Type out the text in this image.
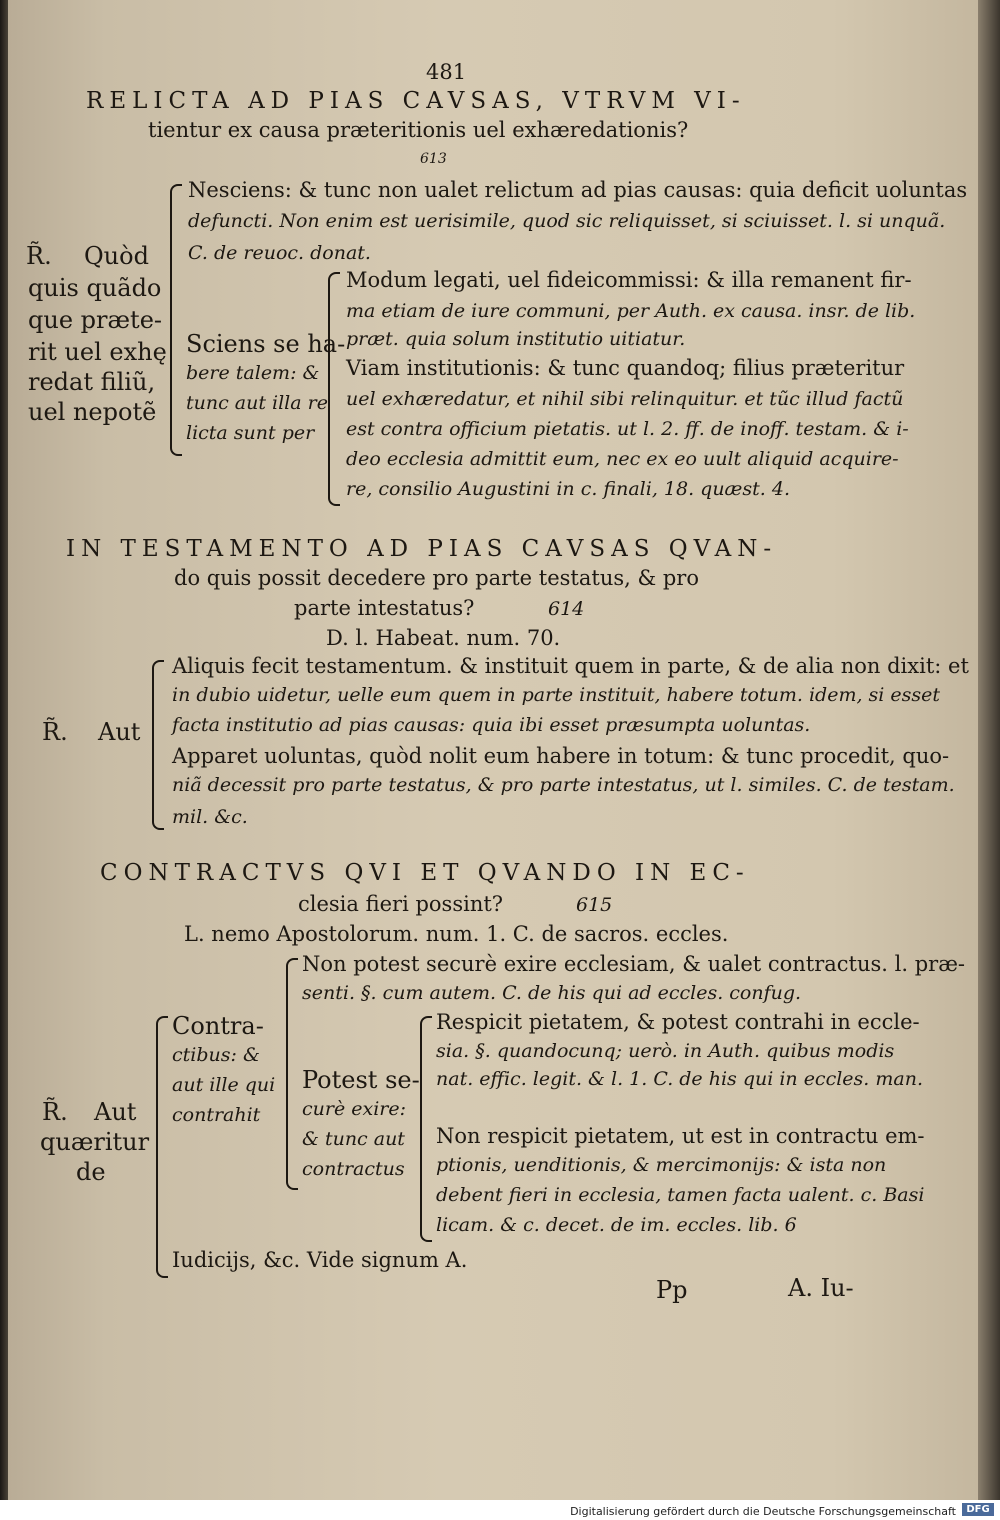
481
RELICTA AD PIAS CAVSAS, VTRVM VI-
tientur ex causa præteritionis uel exhæredationis?
613
R̃. Quòd
quis quãdo
que præte-
rit uel exhę
redat filiũ,
uel nepotẽ
Nesciens: & tunc non ualet relictum ad pias causas: quia deficit uoluntas
defuncti. Non enim est uerisimile, quod sic reliquisset, si sciuisset. l. si unquã.
C. de reuoc. donat.
Sciens se ha-
bere talem: &
tunc aut illa re
licta sunt per
Modum legati, uel fideicommissi: & illa remanent fir-
ma etiam de iure communi, per Auth. ex causa. insr. de lib.
præt. quia solum institutio uitiatur.
Viam institutionis: & tunc quandoq; filius præteritur
uel exhæredatur, et nihil sibi relinquitur. et tũc illud factũ
est contra officium pietatis. ut l. 2. ff. de inoff. testam. & i-
deo ecclesia admittit eum, nec ex eo uult aliquid acquire-
re, consilio Augustini in c. finali, 18. quæst. 4.
IN TESTAMENTO AD PIAS CAVSAS QVAN-
do quis possit decedere pro parte testatus, & pro
parte intestatus?	614
D. l. Habeat. num. 70.
R̃. Aut
Aliquis fecit testamentum. & instituit quem in parte, & de alia non dixit: et
in dubio uidetur, uelle eum quem in parte instituit, habere totum. idem, si esset
facta institutio ad pias causas: quia ibi esset præsumpta uoluntas.
Apparet uoluntas, quòd nolit eum habere in totum: & tunc procedit, quo-
niã decessit pro parte testatus, & pro parte intestatus, ut l. similes. C. de testam.
mil. &c.
CONTRACTVS QVI ET QVANDO IN EC-
clesia fieri possint?	615
L. nemo Apostolorum. num. 1. C. de sacros. eccles.
R̃. Aut
quæritur
de
Contra-
ctibus: &
aut ille qui
contrahit
Non potest securè exire ecclesiam, & ualet contractus. l. præ-
senti. §. cum autem. C. de his qui ad eccles. confug.
Potest se-
curè exire:
& tunc aut
contractus
Respicit pietatem, & potest contrahi in eccle-
sia. §. quandocunq; uerò. in Auth. quibus modis
nat. effic. legit. & l. 1. C. de his qui in eccles. man.
Non respicit pietatem, ut est in contractu em-
ptionis, uenditionis, & mercimonijs: & ista non
debent fieri in ecclesia, tamen facta ualent. c. Basi
licam. & c. decet. de im. eccles. lib. 6
Iudicijs, &c. Vide signum A.
Pp	A. Iu-
Digitalisierung gefördert durch die Deutsche Forschungsgemeinschaft	DFG
